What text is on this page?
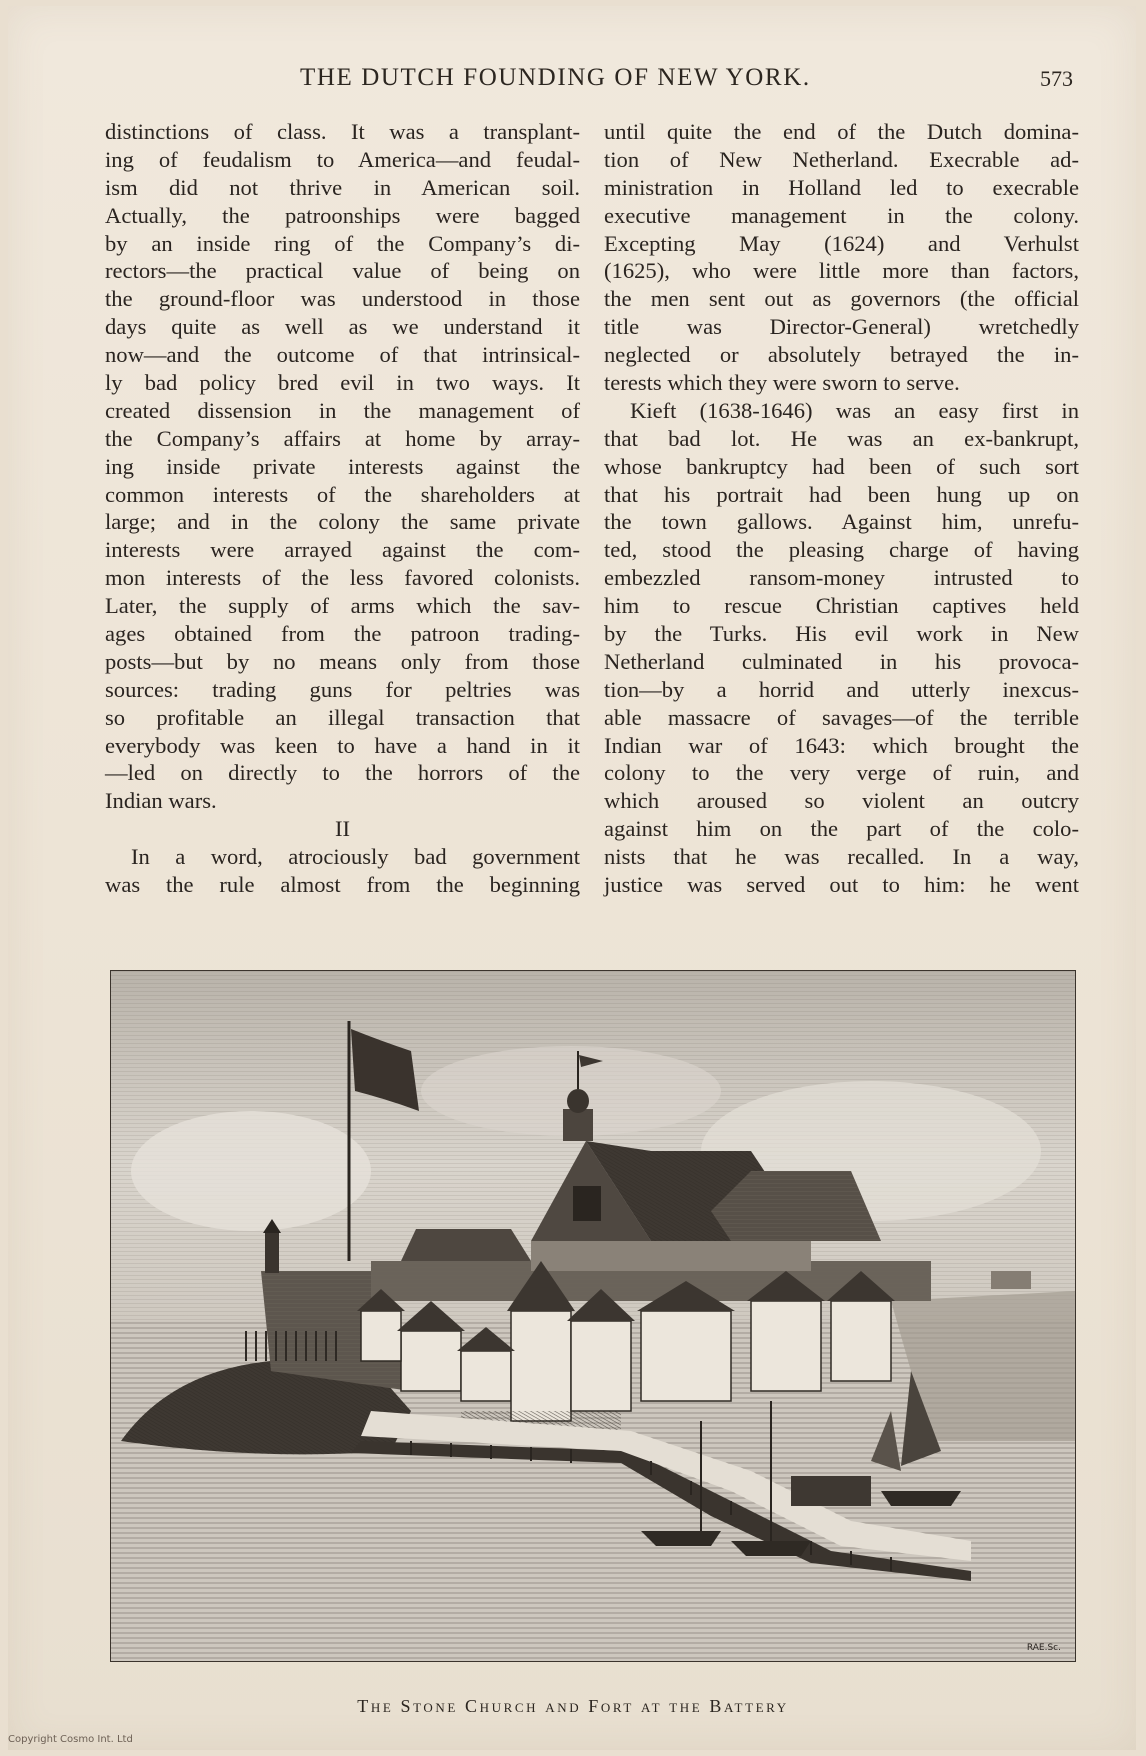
THE DUTCH FOUNDING OF NEW YORK.	573
distinctions of class. It was a transplant-
ing of feudalism to America—and feudal-
ism did not thrive in American soil.
Actually, the patroonships were bagged
by an inside ring of the Company’s di-
rectors—the practical value of being on
the ground-floor was understood in those
days quite as well as we understand it
now—and the outcome of that intrinsical-
ly bad policy bred evil in two ways. It
created dissension in the management of
the Company’s affairs at home by array-
ing inside private interests against the
common interests of the shareholders at
large; and in the colony the same private
interests were arrayed against the com-
mon interests of the less favored colonists.
Later, the supply of arms which the sav-
ages obtained from the patroon trading-
posts—but by no means only from those
sources: trading guns for peltries was
so profitable an illegal transaction that
everybody was keen to have a hand in it
—led on directly to the horrors of the
Indian wars.
II
In a word, atrociously bad government
was the rule almost from the beginning
until quite the end of the Dutch domina-
tion of New Netherland. Execrable ad-
ministration in Holland led to execrable
executive management in the colony.
Excepting May (1624) and Verhulst
(1625), who were little more than factors,
the men sent out as governors (the official
title was Director-General) wretchedly
neglected or absolutely betrayed the in-
terests which they were sworn to serve.
Kieft (1638-1646) was an easy first in
that bad lot. He was an ex-bankrupt,
whose bankruptcy had been of such sort
that his portrait had been hung up on
the town gallows. Against him, unrefu-
ted, stood the pleasing charge of having
embezzled ransom-money intrusted to
him to rescue Christian captives held
by the Turks. His evil work in New
Netherland culminated in his provoca-
tion—by a horrid and utterly inexcus-
able massacre of savages—of the terrible
Indian war of 1643: which brought the
colony to the very verge of ruin, and
which aroused so violent an outcry
against him on the part of the colo-
nists that he was recalled. In a way,
justice was served out to him: he went
RAE.Sc.
The Stone Church and Fort at the Battery
Copyright Cosmo Int. Ltd
